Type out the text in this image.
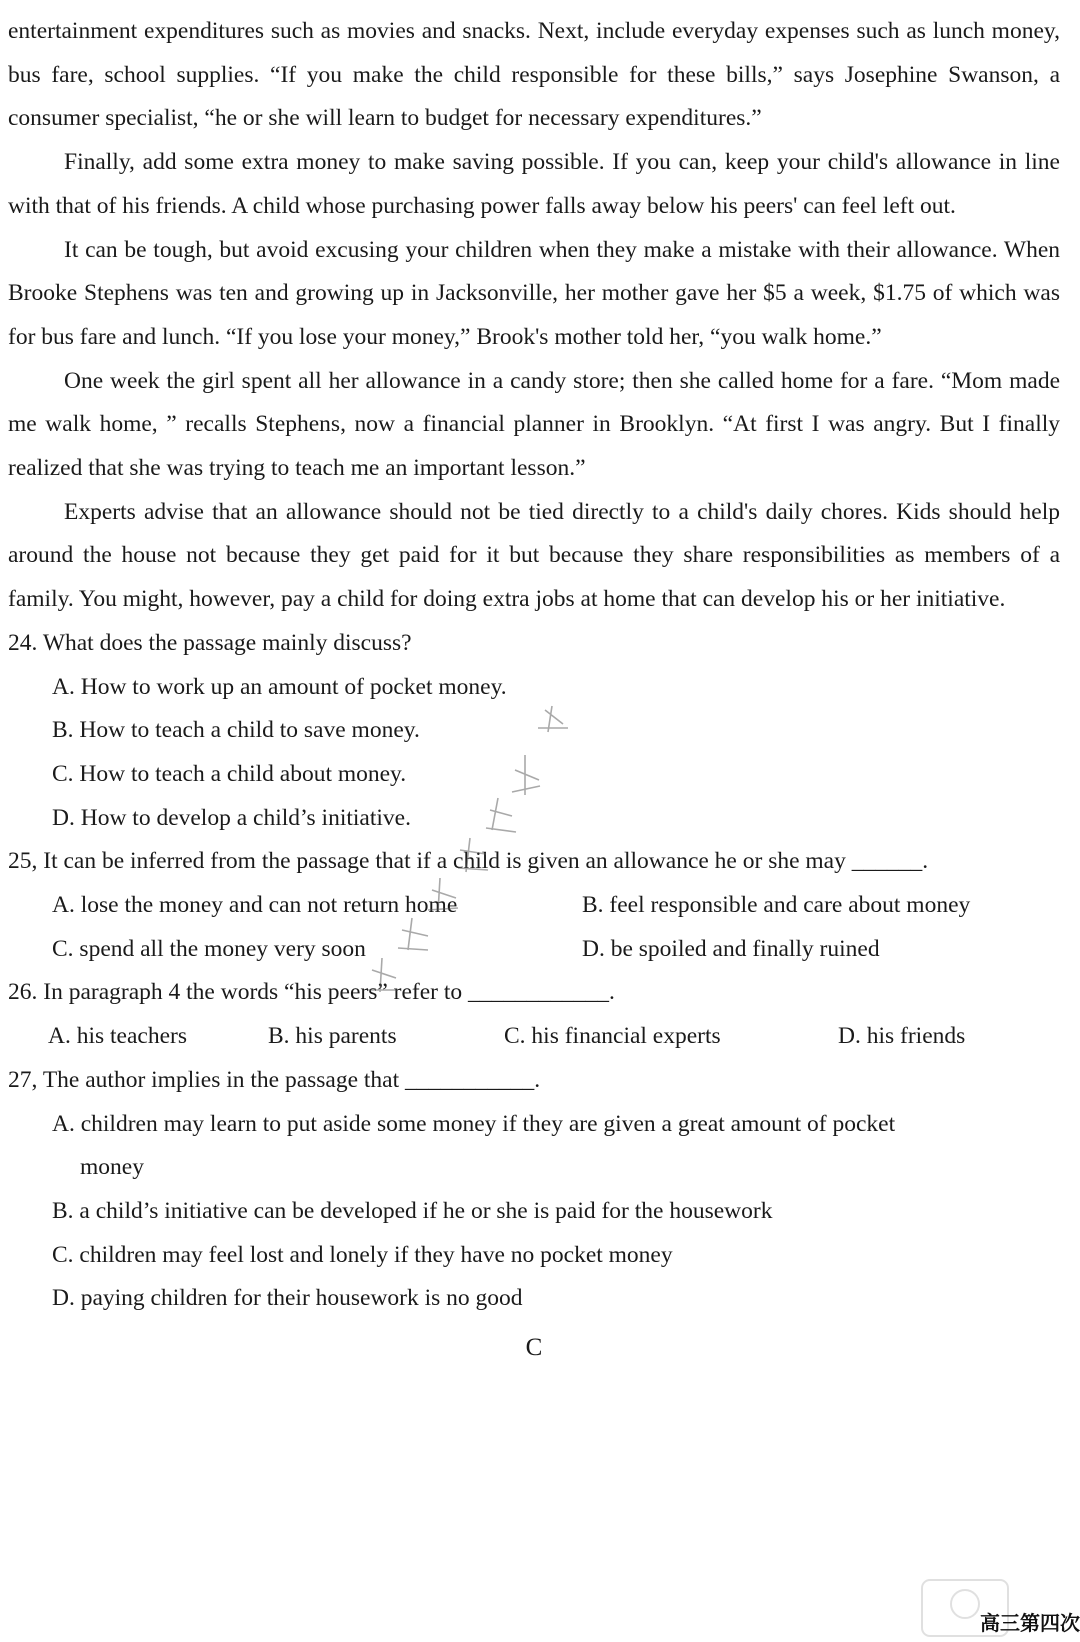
entertainment expenditures such as movies and snacks. Next, include everyday expenses such as lunch money, bus fare, school supplies. “If you make the child responsible for these bills,” says Josephine Swanson, a consumer specialist, “he or she will learn to budget for necessary expenditures.”

Finally, add some extra money to make saving possible. If you can, keep your child's allowance in line with that of his friends. A child whose purchasing power falls away below his peers' can feel left out.

It can be tough, but avoid excusing your children when they make a mistake with their allowance. When Brooke Stephens was ten and growing up in Jacksonville, her mother gave her $5 a week, $1.75 of which was for bus fare and lunch. “If you lose your money,” Brook's mother told her, “you walk home.”

One week the girl spent all her allowance in a candy store; then she called home for a fare. “Mom made me walk home, ” recalls Stephens, now a financial planner in Brooklyn. “At first I was angry. But I finally realized that she was trying to teach me an important lesson.”

Experts advise that an allowance should not be tied directly to a child's daily chores. Kids should help around the house not because they get paid for it but because they share responsibilities as members of a family. You might, however, pay a child for doing extra jobs at home that can develop his or her initiative.

24. What does the passage mainly discuss?

A. How to work up an amount of pocket money.

B. How to teach a child to save money.

C. How to teach a child about money.

D. How to develop a child’s initiative.

25, It can be inferred from the passage that if a child is given an allowance he or she may ______.

A. lose the money and can not return home	B. feel responsible and care about money
C. spend all the money very soon	D. be spoiled and finally ruined

26. In paragraph 4 the words “his peers” refer to ____________.

A. his teachers	B. his parents	C. his financial experts	D. his friends

27, The author implies in the passage that ___________.

A. children may learn to put aside some money if they are given a great amount of pocket

money

B. a child’s initiative can be developed if he or she is paid for the housework

C. children may feel lost and lonely if they have no pocket money

D. paying children for their housework is no good

C
高三第四次
